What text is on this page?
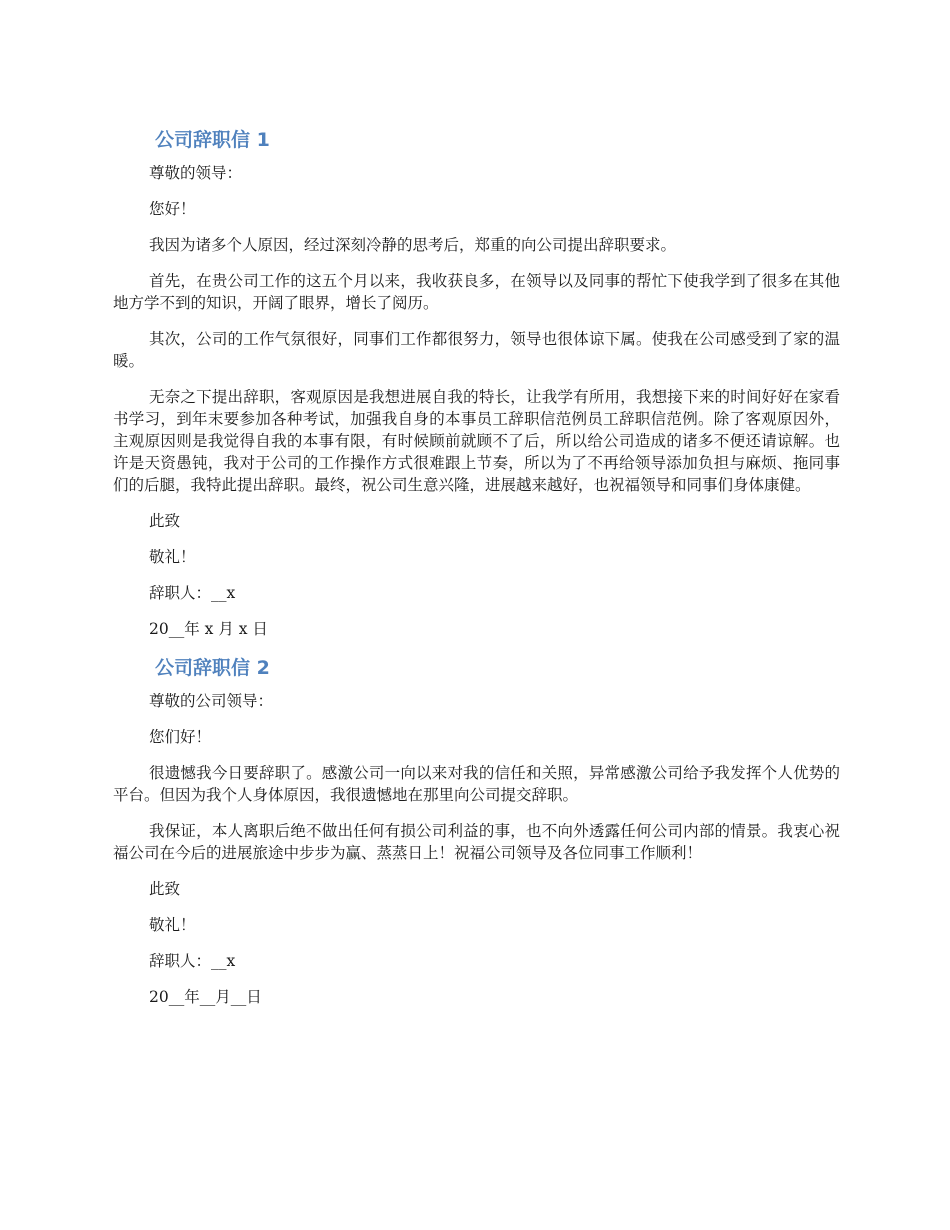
公司辞职信 1

尊敬的领导：

您好！

我因为诸多个人原因，经过深刻冷静的思考后，郑重的向公司提出辞职要求。

首先，在贵公司工作的这五个月以来，我收获良多，在领导以及同事的帮忙下使我学到了很多在其他地方学不到的知识，开阔了眼界，增长了阅历。

其次，公司的工作气氛很好，同事们工作都很努力，领导也很体谅下属。使我在公司感受到了家的温暖。

无奈之下提出辞职，客观原因是我想进展自我的特长，让我学有所用，我想接下来的时间好好在家看书学习，到年末要参加各种考试，加强我自身的本事员工辞职信范例员工辞职信范例。除了客观原因外，主观原因则是我觉得自我的本事有限，有时候顾前就顾不了后，所以给公司造成的诸多不便还请谅解。也许是天资愚钝，我对于公司的工作操作方式很难跟上节奏，所以为了不再给领导添加负担与麻烦、拖同事们的后腿，我特此提出辞职。最终，祝公司生意兴隆，进展越来越好，也祝福领导和同事们身体康健。

此致

敬礼！

辞职人：__x

20__年 x 月 x 日

公司辞职信 2

尊敬的公司领导：

您们好！

很遗憾我今日要辞职了。感激公司一向以来对我的信任和关照，异常感激公司给予我发挥个人优势的平台。但因为我个人身体原因，我很遗憾地在那里向公司提交辞职。

我保证，本人离职后绝不做出任何有损公司利益的事，也不向外透露任何公司内部的情景。我衷心祝福公司在今后的进展旅途中步步为赢、蒸蒸日上！祝福公司领导及各位同事工作顺利！

此致

敬礼！

辞职人：__x

20__年__月__日
